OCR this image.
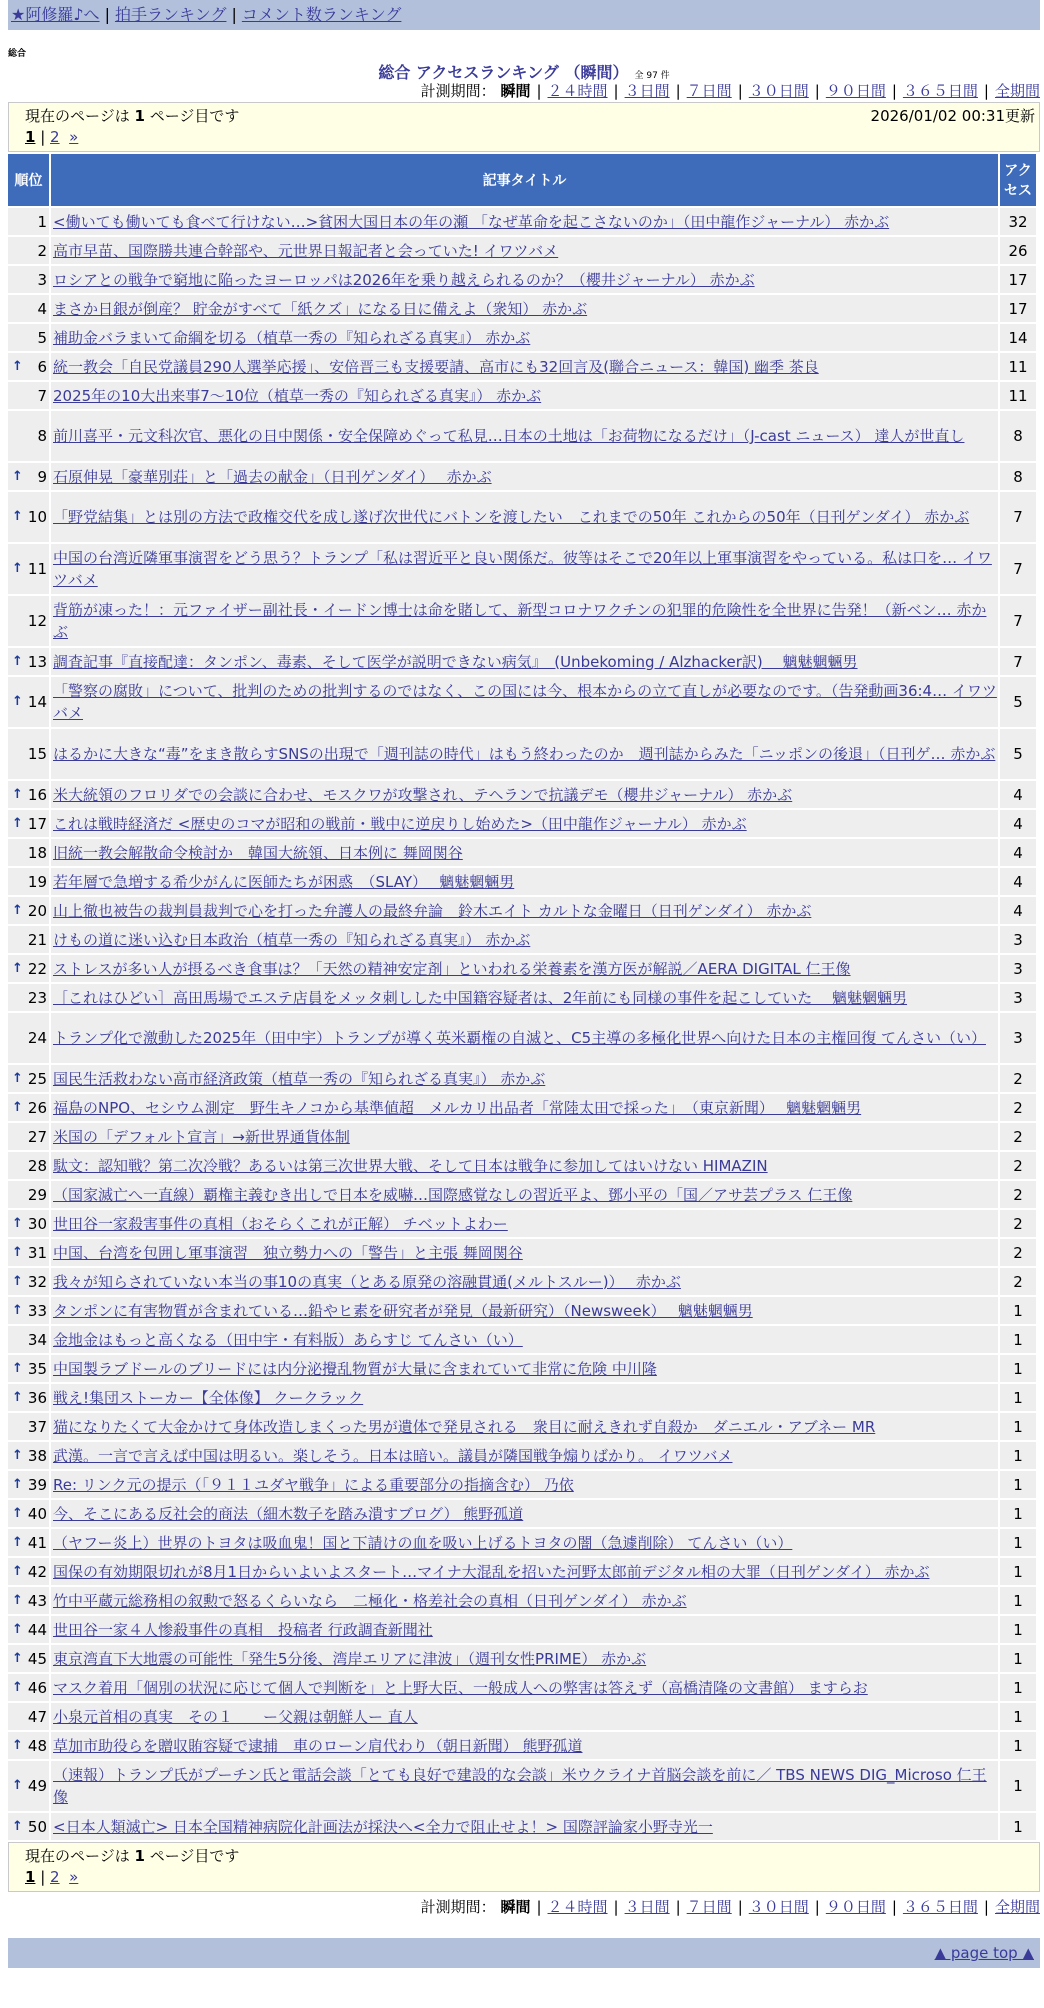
★阿修羅♪へ | 拍手ランキング | コメント数ランキング
総合
総合 アクセスランキング （瞬間） 全 97 件
計測期間： 瞬間 | ２４時間 | ３日間 | ７日間 | ３０日間 | ９０日間 | ３６５日間 | 全期間
現在のページは 1 ページ目です	2026/01/02 00:31更新
1 | 2 »
順位	記事タイトル	アクセス
1	<働いても働いても食べて行けない…>貧困大国日本の年の瀬 「なぜ革命を起こさないのか」（田中龍作ジャーナル） 赤かぶ	32
2	高市早苗、国際勝共連合幹部や、元世界日報記者と会っていた! イワツバメ	26
3	ロシアとの戦争で窮地に陥ったヨーロッパは2026年を乗り越えられるのか？（櫻井ジャーナル） 赤かぶ	17
4	まさか日銀が倒産？ 貯金がすべて「紙クズ」になる日に備えよ（衆知） 赤かぶ	17
5	補助金バラまいて命綱を切る（植草一秀の『知られざる真実』） 赤かぶ	14

↑ 6	統一教会「自民党議員290人選挙応援」、安倍晋三も支援要請、高市にも32回言及(聯合ニュース：韓国) 幽季 茶良	11
7	2025年の10大出来事7〜10位（植草一秀の『知られざる真実』） 赤かぶ	11
8	前川喜平・元文科次官、悪化の日中関係・安全保障めぐって私見…日本の土地は「お荷物になるだけ」（J-cast ニュース） 達人が世直し	8

↑ 9	石原伸晃「豪華別荘」と「過去の献金」（日刊ゲンダイ）　 赤かぶ	8

↑ 10	「野党結集」とは別の方法で政権交代を成し遂げ次世代にバトンを渡したい　これまでの50年 これからの50年（日刊ゲンダイ） 赤かぶ	7

↑ 11	中国の台湾近隣軍事演習をどう思う？トランプ「私は習近平と良い関係だ。彼等はそこで20年以上軍事演習をやっている。私は口を… イワツバメ	7
12	背筋が凍った！：元ファイザー副社長・イードン博士は命を賭して、新型コロナワクチンの犯罪的危険性を全世界に告発！（新ベン… 赤かぶ	7

↑ 13	調査記事『直接配達：タンポン、毒素、そして医学が説明できない病気』　(Unbekoming / Alzhacker訳)　 魑魅魍魎男	7

↑ 14	「警察の腐敗」について、批判のための批判するのではなく、この国には今、根本からの立て直しが必要なのです。（告発動画36:4… イワツバメ	5
15	はるかに大きな“毒”をまき散らすSNSの出現で「週刊誌の時代」はもう終わったのか　週刊誌からみた「ニッポンの後退」（日刊ゲ… 赤かぶ	5

↑ 16	米大統領のフロリダでの会談に合わせ、モスクワが攻撃され、テヘランで抗議デモ（櫻井ジャーナル） 赤かぶ	4

↑ 17	これは戦時経済だ <歴史のコマが昭和の戦前・戦中に逆戻りし始めた>（田中龍作ジャーナル） 赤かぶ	4
18	旧統一教会解散命令検討か　韓国大統領、日本例に 舞岡関谷	4
19	若年層で急増する希少がんに医師たちが困惑　（SLAY）　 魑魅魍魎男	4

↑ 20	山上徹也被告の裁判員裁判で心を打った弁護人の最終弁論　鈴木エイト カルトな金曜日（日刊ゲンダイ） 赤かぶ	4
21	けもの道に迷い込む日本政治（植草一秀の『知られざる真実』） 赤かぶ	3

↑ 22	ストレスが多い人が摂るべき食事は？「天然の精神安定剤」といわれる栄養素を漢方医が解説／AERA DIGITAL 仁王像	3
23	［これはひどい］高田馬場でエステ店員をメッタ刺しした中国籍容疑者は、2年前にも同様の事件を起こしていた　 魑魅魍魎男	3
24	トランプ化で激動した2025年（田中宇）トランプが導く英米覇権の自滅と、C5主導の多極化世界へ向けた日本の主権回復 てんさい（い）	3

↑ 25	国民生活救わない高市経済政策（植草一秀の『知られざる真実』） 赤かぶ	2

↑ 26	福島のNPO、セシウム測定　野生キノコから基準値超　メルカリ出品者「常陸太田で採った」　（東京新聞）　 魑魅魍魎男	2
27	米国の「デフォルト宣言」→新世界通貨体制	2
28	駄文：認知戦？第二次冷戦？あるいは第三次世界大戦、そして日本は戦争に参加してはいけない HIMAZIN	2
29	（国家滅亡へ一直線）覇権主義むき出しで日本を威嚇…国際感覚なしの習近平よ、鄧小平の「国／アサ芸プラス 仁王像	2

↑ 30	世田谷一家殺害事件の真相（おそらくこれが正解） チベットよわー	2

↑ 31	中国、台湾を包囲し軍事演習　独立勢力への「警告」と主張 舞岡関谷	2

↑ 32	我々が知らされていない本当の事10の真実（とある原発の溶融貫通(メルトスルー)）　 赤かぶ	2

↑ 33	タンポンに有害物質が含まれている…鉛やヒ素を研究者が発見（最新研究）（Newsweek）　 魑魅魍魎男	1
34	金地金はもっと高くなる（田中宇・有料版）あらすじ てんさい（い）	1

↑ 35	中国製ラブドールのブリードには内分泌攪乱物質が大量に含まれていて非常に危険 中川隆	1

↑ 36	戦え!集団ストーカー【全体像】 クークラック	1
37	猫になりたくて大金かけて身体改造しまくった男が遺体で発見される　衆目に耐えきれず自殺か　ダニエル・アブネー MR	1

↑ 38	武漢。一言で言えば中国は明るい。楽しそう。日本は暗い。議員が隣国戦争煽りばかり。 イワツバメ	1

↑ 39	Re: リンク元の提示（「９１１ユダヤ戦争」による重要部分の指摘含む） 乃依	1

↑ 40	今、そこにある反社会的商法（細木数子を踏み潰すブログ） 熊野孤道	1

↑ 41	（ヤフー炎上）世界のトヨタは吸血鬼！国と下請けの血を吸い上げるトヨタの闇（急遽削除） てんさい（い）	1

↑ 42	国保の有効期限切れが8月1日からいよいよスタート…マイナ大混乱を招いた河野太郎前デジタル相の大罪（日刊ゲンダイ） 赤かぶ	1

↑ 43	竹中平蔵元総務相の叙勲で怒るくらいなら　二極化・格差社会の真相（日刊ゲンダイ） 赤かぶ	1

↑ 44	世田谷一家４人惨殺事件の真相　投稿者 行政調査新聞社	1

↑ 45	東京湾直下大地震の可能性「発生5分後、湾岸エリアに津波」（週刊女性PRIME） 赤かぶ	1

↑ 46	マスク着用「個別の状況に応じて個人で判断を」と上野大臣、一般成人への弊害は答えず（高橋清隆の文書館） ますらお	1
47	小泉元首相の真実　その１　　ー父親は朝鮮人ー 直人	1

↑ 48	草加市助役らを贈収賄容疑で逮捕　車のローン肩代わり（朝日新聞） 熊野孤道	1

↑ 49	（速報）トランプ氏がプーチン氏と電話会談「とても良好で建設的な会談」米ウクライナ首脳会談を前に／ TBS NEWS DIG_Microso 仁王像	1

↑ 50	<日本人類滅亡> 日本全国精神病院化計画法が採決へ<全力で阻止せよ！> 国際評論家小野寺光一	1
現在のページは 1 ページ目です
1 | 2 »
計測期間： 瞬間 | ２４時間 | ３日間 | ７日間 | ３０日間 | ９０日間 | ３６５日間 | 全期間
▲ page top ▲
